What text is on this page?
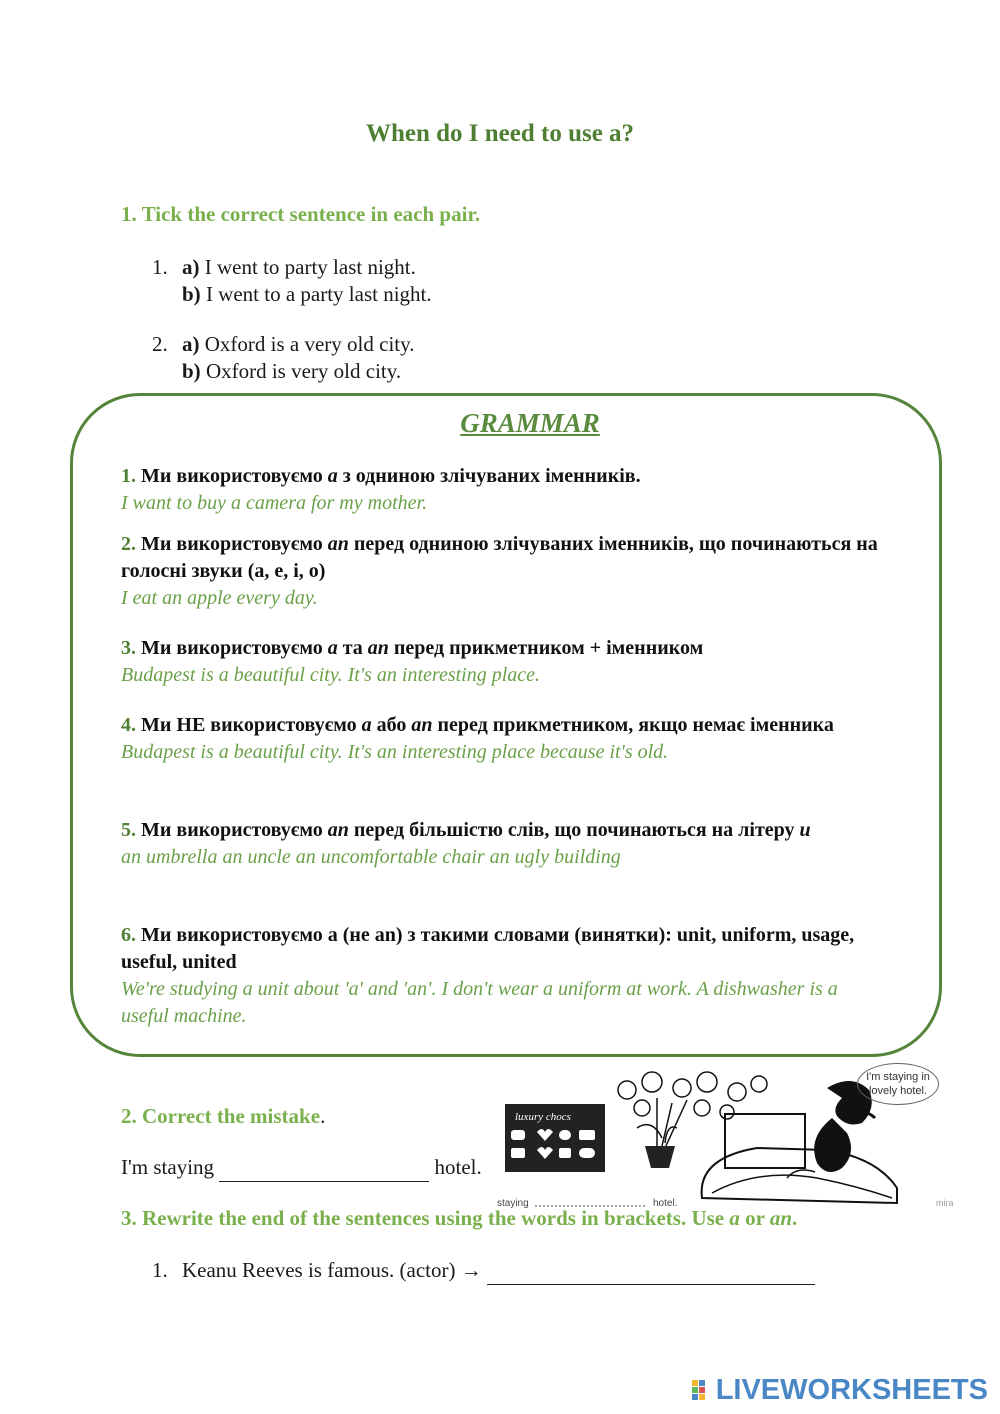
When do I need to use a?
1. Tick the correct sentence in each pair.
1. a) I went to party last night.
b) I went to a party last night.
2. a) Oxford is a very old city.
b) Oxford is very old city.
GRAMMAR
1. Ми використовуємо a з одниною злічуваних іменників.
I want to buy a camera for my mother.
2. Ми використовуємо an перед одниною злічуваних іменників, що починаються на голосні звуки (a, e, i, o)
I eat an apple every day.
3. Ми використовуємо a та an перед прикметником + іменником
Budapest is a beautiful city. It's an interesting place.
4. Ми НЕ використовуємо a або an перед прикметником, якщо немає іменника
Budapest is a beautiful city. It's an interesting place because it's old.
5. Ми використовуємо an перед більшістю слів, що починаються на літеру u
an umbrella an uncle an uncomfortable chair an ugly building
6. Ми використовуємо a (не an) з такими словами (винятки): unit, uniform, usage, useful, united
We're studying a unit about 'a' and 'an'. I don't wear a uniform at work. A dishwasher is a useful machine.
2. Correct the mistake.
I'm staying	hotel.
luxury chocs
staying	hotel.	mira
I'm staying in lovely hotel.
3. Rewrite the end of the sentences using the words in brackets. Use a or an.
1. Keanu Reeves is famous. (actor) →
LIVEWORKSHEETS
